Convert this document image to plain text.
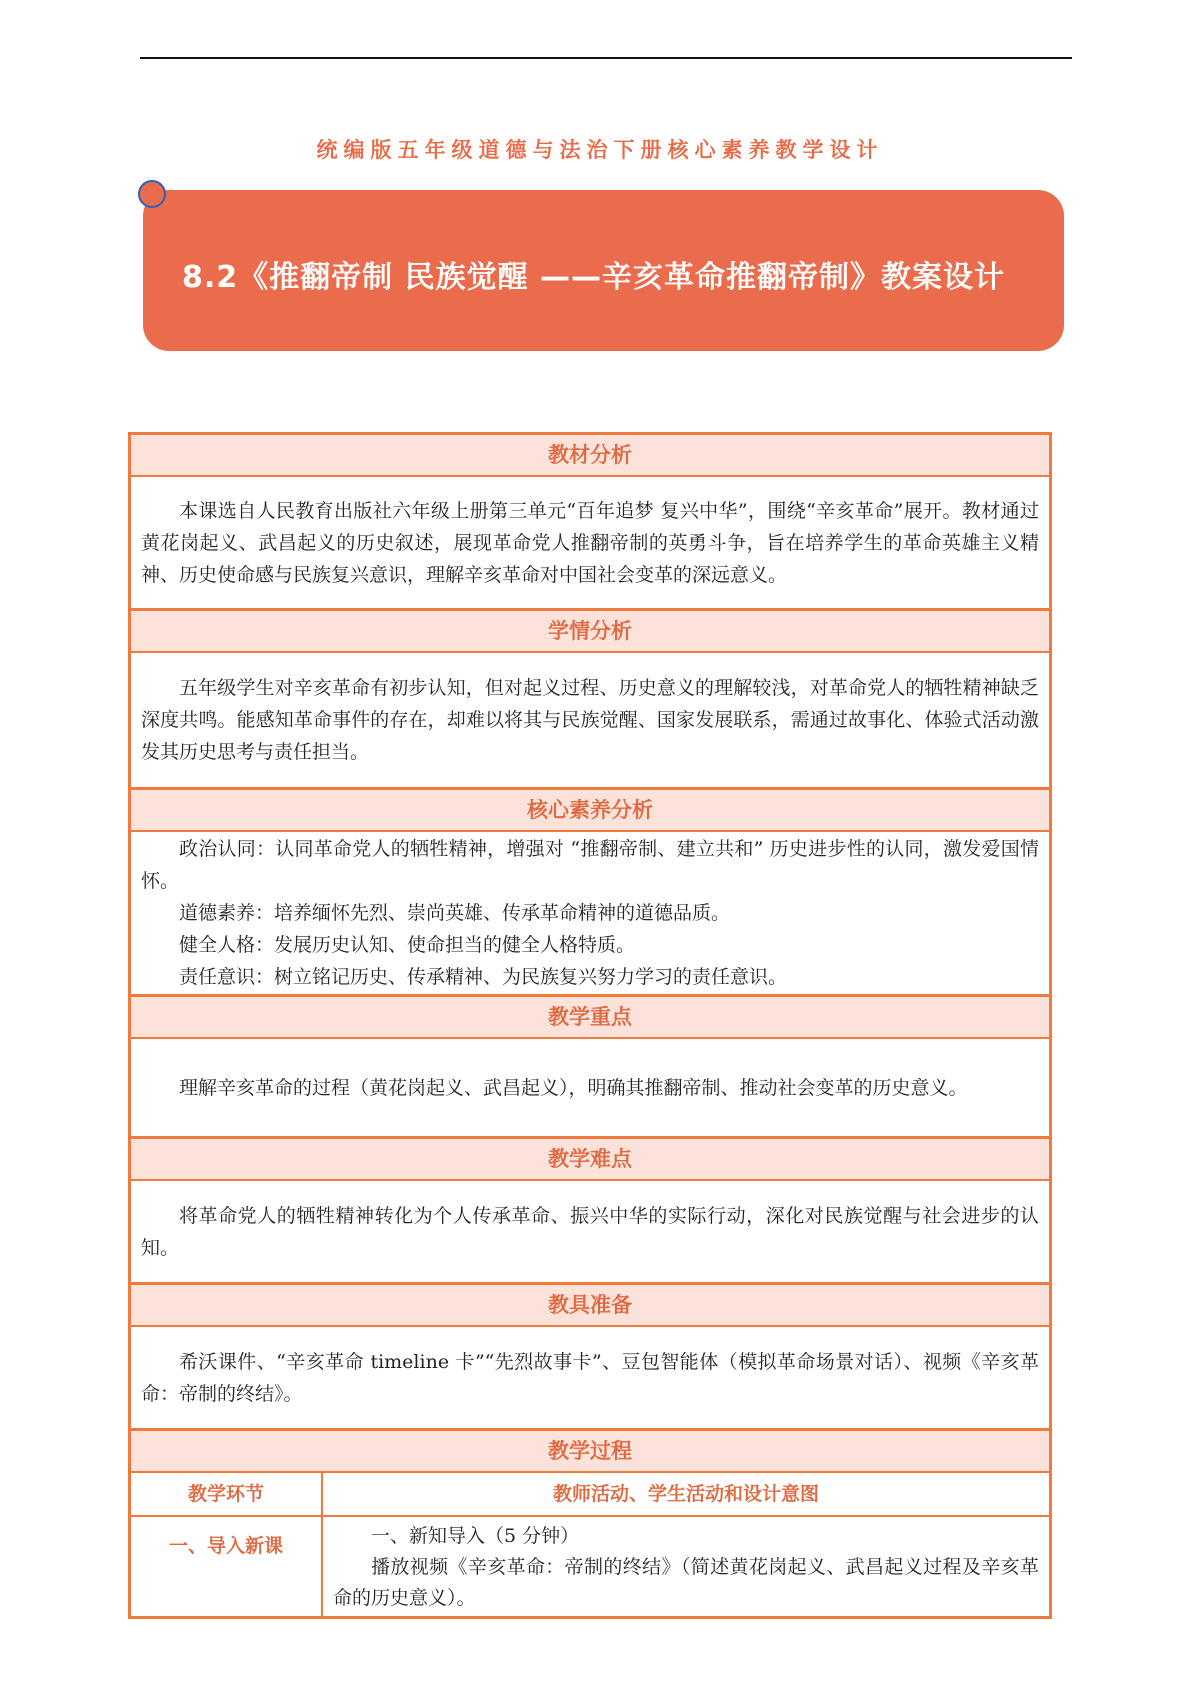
统编版五年级道德与法治下册核心素养教学设计
8.2《推翻帝制 民族觉醒 ——辛亥革命推翻帝制》教案设计
教材分析

本课选自人民教育出版社六年级上册第三单元“百年追梦 复兴中华”，围绕“辛亥革命”展开。教材通过黄花岗起义、武昌起义的历史叙述，展现革命党人推翻帝制的英勇斗争，旨在培养学生的革命英雄主义精神、历史使命感与民族复兴意识，理解辛亥革命对中国社会变革的深远意义。

学情分析

五年级学生对辛亥革命有初步认知，但对起义过程、历史意义的理解较浅，对革命党人的牺牲精神缺乏深度共鸣。能感知革命事件的存在，却难以将其与民族觉醒、国家发展联系，需通过故事化、体验式活动激发其历史思考与责任担当。

核心素养分析

政治认同：认同革命党人的牺牲精神，增强对 “推翻帝制、建立共和” 历史进步性的认同，激发爱国情怀。

道德素养：培养缅怀先烈、崇尚英雄、传承革命精神的道德品质。

健全人格：发展历史认知、使命担当的健全人格特质。

责任意识：树立铭记历史、传承精神、为民族复兴努力学习的责任意识。

教学重点

理解辛亥革命的过程（黄花岗起义、武昌起义），明确其推翻帝制、推动社会变革的历史意义。

教学难点

将革命党人的牺牲精神转化为个人传承革命、振兴中华的实际行动，深化对民族觉醒与社会进步的认知。

教具准备

希沃课件、“辛亥革命 timeline 卡”“先烈故事卡”、豆包智能体（模拟革命场景对话）、视频《辛亥革命：帝制的终结》。

教学过程
教学环节	教师活动、学生活动和设计意图
一、导入新课	一、新知导入（5 分钟）

播放视频《辛亥革命：帝制的终结》（简述黄花岗起义、武昌起义过程及辛亥革命的历史意义）。
